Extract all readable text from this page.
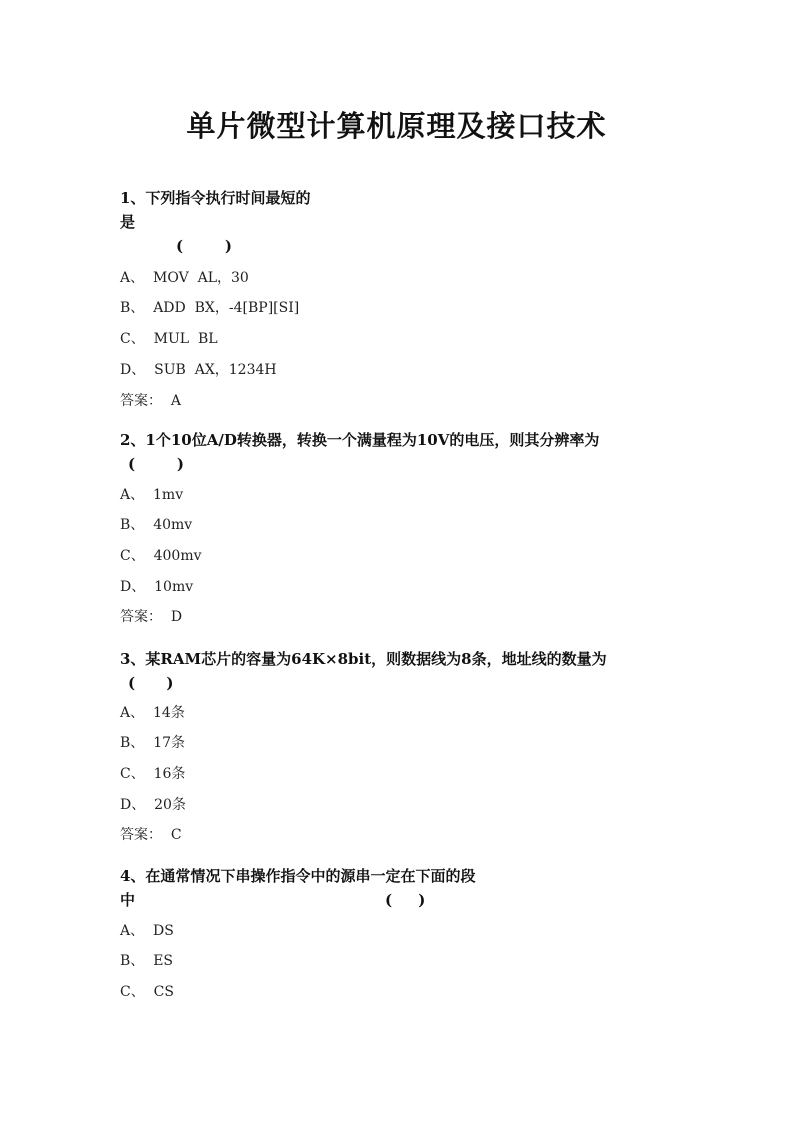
单片微型计算机原理及接口技术
1、下列指令执行时间最短的
是
(        )
A、  MOV  AL，30
B、  ADD  BX，-4[BP][SI]
C、  MUL  BL
D、  SUB  AX，1234H
答案：  A
2、1个10位A/D转换器，转换一个满量程为10V的电压，则其分辨率为
(        )
A、  1mv
B、  40mv
C、  400mv
D、  10mv
答案：  D
3、某RAM芯片的容量为64K×8bit，则数据线为8条，地址线的数量为
(      )
A、  14条
B、  17条
C、  16条
D、  20条
答案：  C
4、在通常情况下串操作指令中的源串一定在下面的段
中	(     )
A、  DS
B、  ES
C、  CS
